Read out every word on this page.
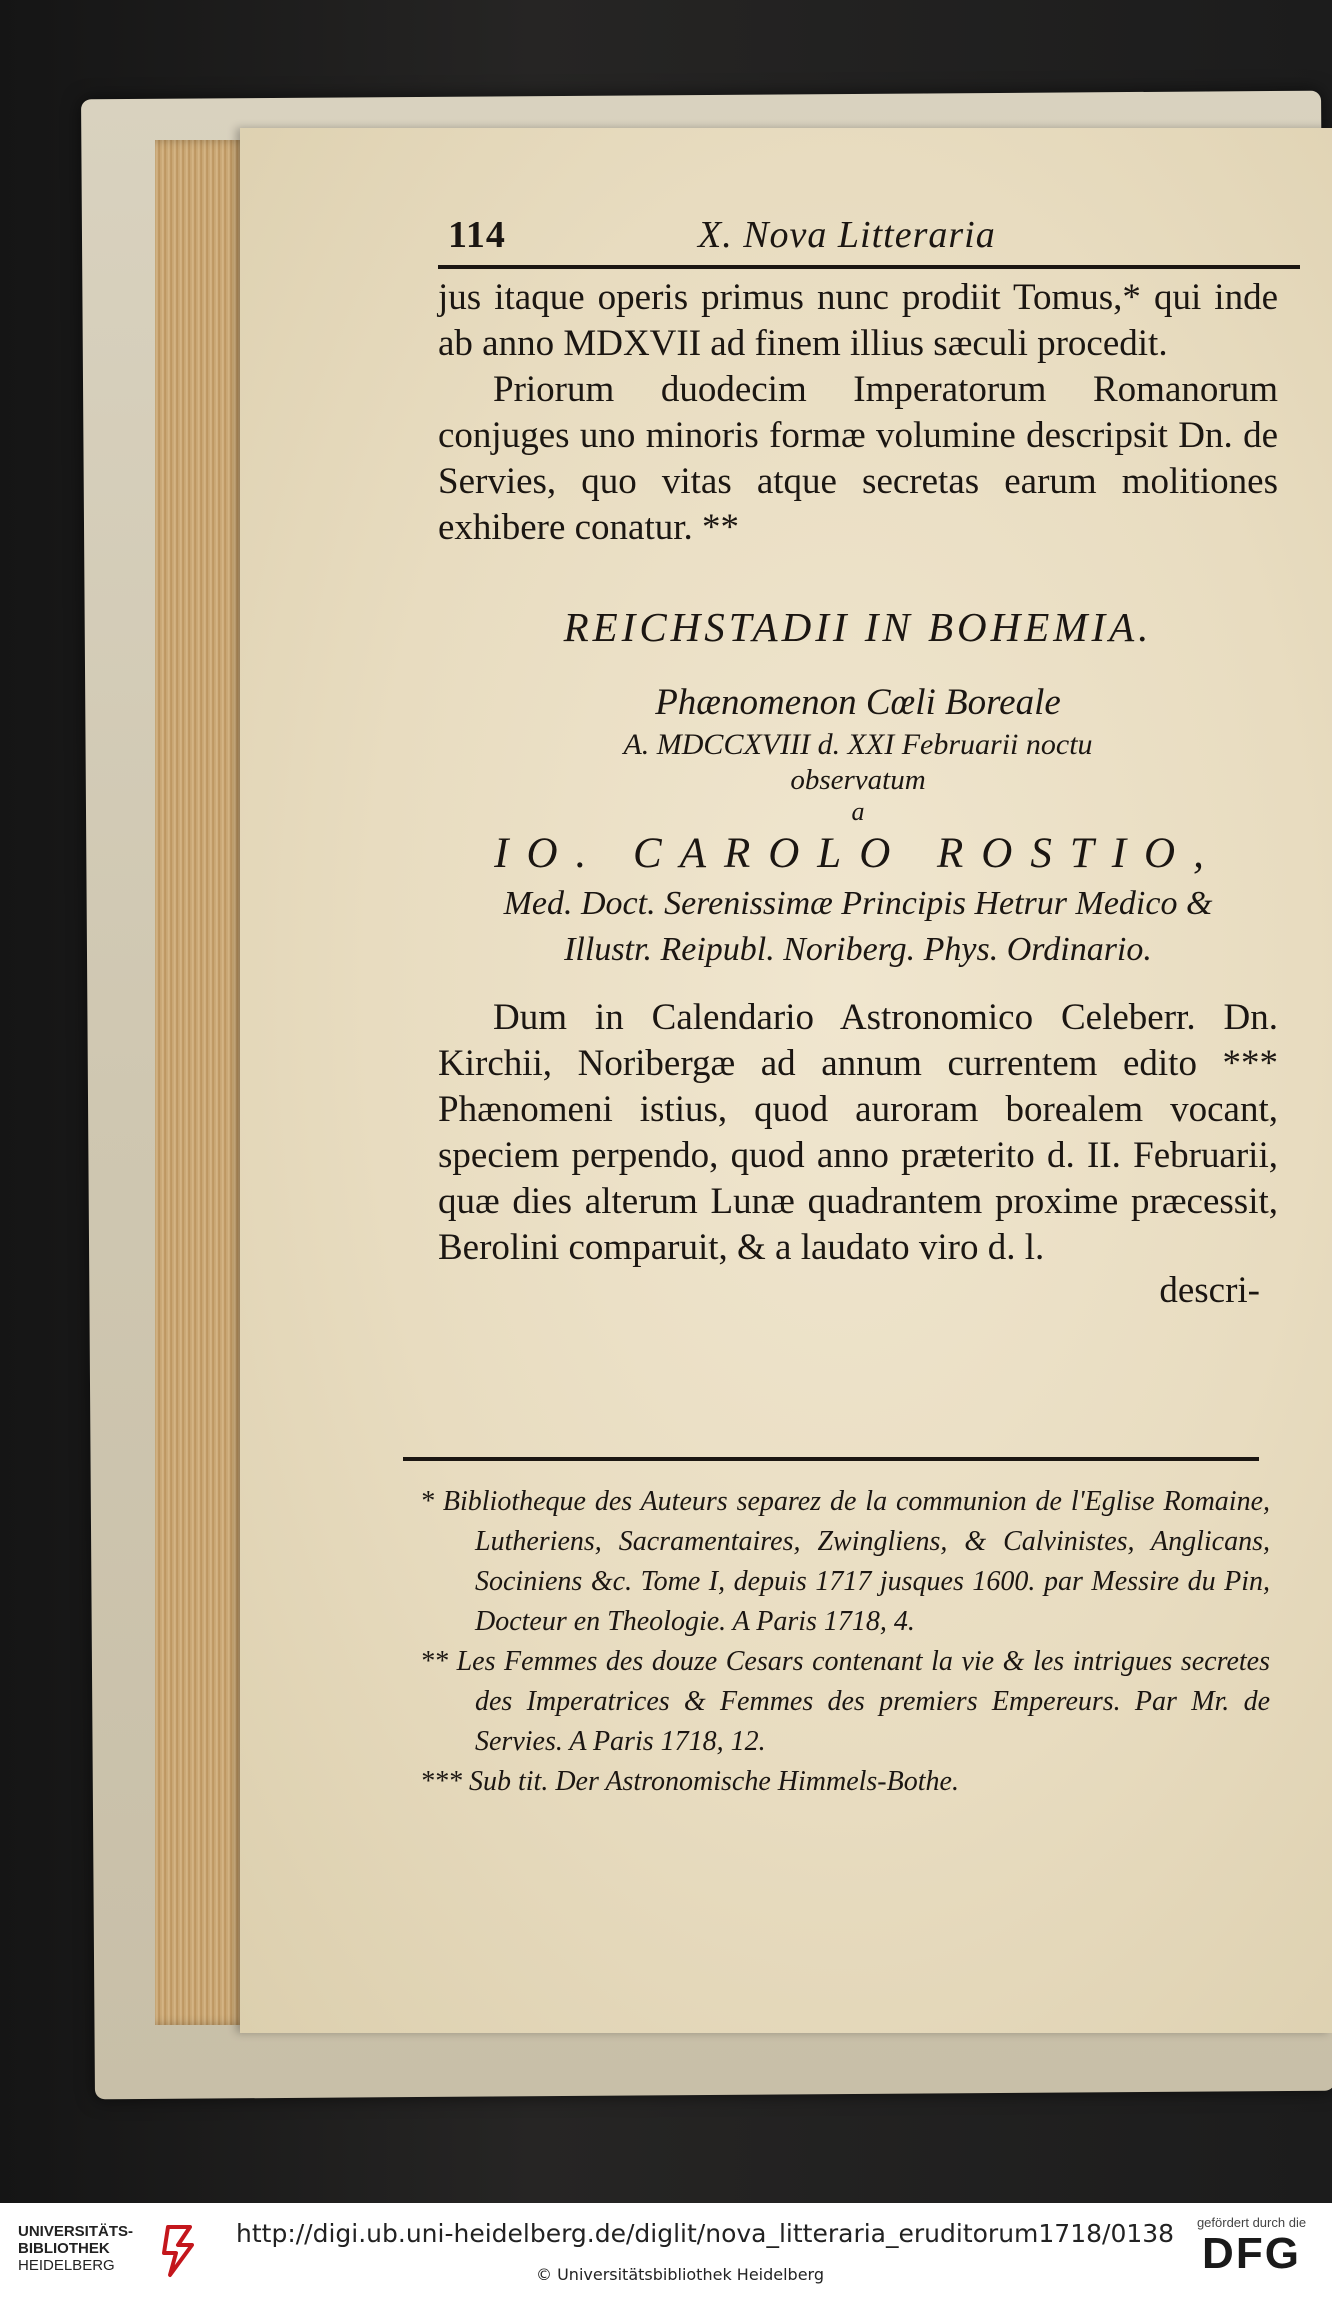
114	X. Nova Litteraria

jus itaque operis primus nunc prodiit Tomus,* qui inde ab anno MDXVII ad finem illius sæculi procedit.

Priorum duodecim Imperatorum Romanorum conjuges uno minoris formæ volumine descripsit Dn. de Servies, quo vitas atque secretas earum molitiones exhibere conatur. **

REICHSTADII IN BOHEMIA.
Phænomenon Cœli Boreale
A. MDCCXVIII d. XXI Februarii noctu
observatum
a
IO. CAROLO ROSTIO,
Med. Doct. Serenissimæ Principis Hetrur Medico &
Illustr. Reipubl. Noriberg. Phys. Ordinario.

Dum in Calendario Astronomico Celeberr. Dn. Kirchii, Noribergæ ad annum currentem edito *** Phænomeni istius, quod auroram borealem vocant, speciem perpendo, quod anno præterito d. II. Februarii, quæ dies alterum Lunæ quadrantem proxime præcessit, Berolini comparuit, & a laudato viro d. l.

descri-

* Bibliotheque des Auteurs separez de la communion de l'Eglise Romaine, Lutheriens, Sacramentaires, Zwingliens, & Calvinistes, Anglicans, Sociniens &c. Tome I, depuis 1717 jusques 1600. par Messire du Pin, Docteur en Theologie. A Paris 1718, 4.

** Les Femmes des douze Cesars contenant la vie & les intrigues secretes des Imperatrices & Femmes des premiers Empereurs. Par Mr. de Servies. A Paris 1718, 12.

*** Sub tit. Der Astronomische Himmels-Bothe.

UNIVERSITÄTS-
BIBLIOTHEK
HEIDELBERG
http://digi.ub.uni-heidelberg.de/diglit/nova_litteraria_eruditorum1718/0138
© Universitätsbibliothek Heidelberg
gefördert durch die
DFG
